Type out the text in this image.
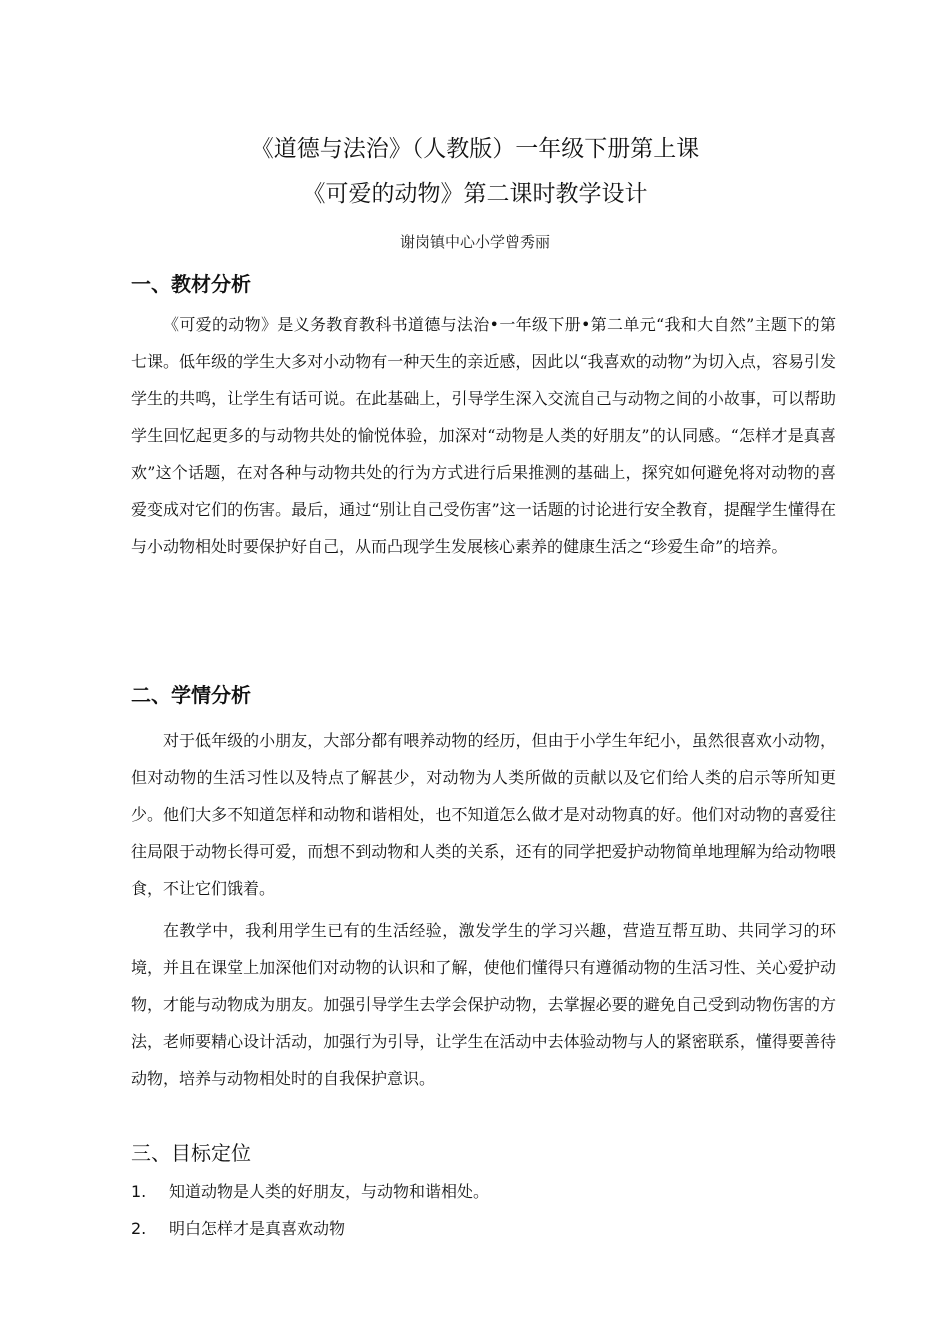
《道德与法治》（人教版）一年级下册第上课
《可爱的动物》第二课时教学设计
谢岗镇中心小学曾秀丽
一、教材分析

《可爱的动物》是义务教育教科书道德与法治•一年级下册•第二单元“我和大自然”主题下的第七课。低年级的学生大多对小动物有一种天生的亲近感，因此以“我喜欢的动物”为切入点，容易引发学生的共鸣，让学生有话可说。在此基础上，引导学生深入交流自己与动物之间的小故事，可以帮助学生回忆起更多的与动物共处的愉悦体验，加深对“动物是人类的好朋友”的认同感。“怎样才是真喜欢”这个话题，在对各种与动物共处的行为方式进行后果推测的基础上，探究如何避免将对动物的喜爱变成对它们的伤害。最后，通过“别让自己受伤害”这一话题的讨论进行安全教育，提醒学生懂得在与小动物相处时要保护好自己，从而凸现学生发展核心素养的健康生活之“珍爱生命”的培养。

二、学情分析

对于低年级的小朋友，大部分都有喂养动物的经历，但由于小学生年纪小，虽然很喜欢小动物，但对动物的生活习性以及特点了解甚少，对动物为人类所做的贡献以及它们给人类的启示等所知更少。他们大多不知道怎样和动物和谐相处，也不知道怎么做才是对动物真的好。他们对动物的喜爱往往局限于动物长得可爱，而想不到动物和人类的关系，还有的同学把爱护动物简单地理解为给动物喂食，不让它们饿着。

在教学中，我利用学生已有的生活经验，激发学生的学习兴趣，营造互帮互助、共同学习的环境，并且在课堂上加深他们对动物的认识和了解，使他们懂得只有遵循动物的生活习性、关心爱护动物，才能与动物成为朋友。加强引导学生去学会保护动物，去掌握必要的避免自己受到动物伤害的方法，老师要精心设计活动，加强行为引导，让学生在活动中去体验动物与人的紧密联系，懂得要善待动物，培养与动物相处时的自我保护意识。

三、目标定位
1. 知道动物是人类的好朋友，与动物和谐相处。
2. 明白怎样才是真喜欢动物
